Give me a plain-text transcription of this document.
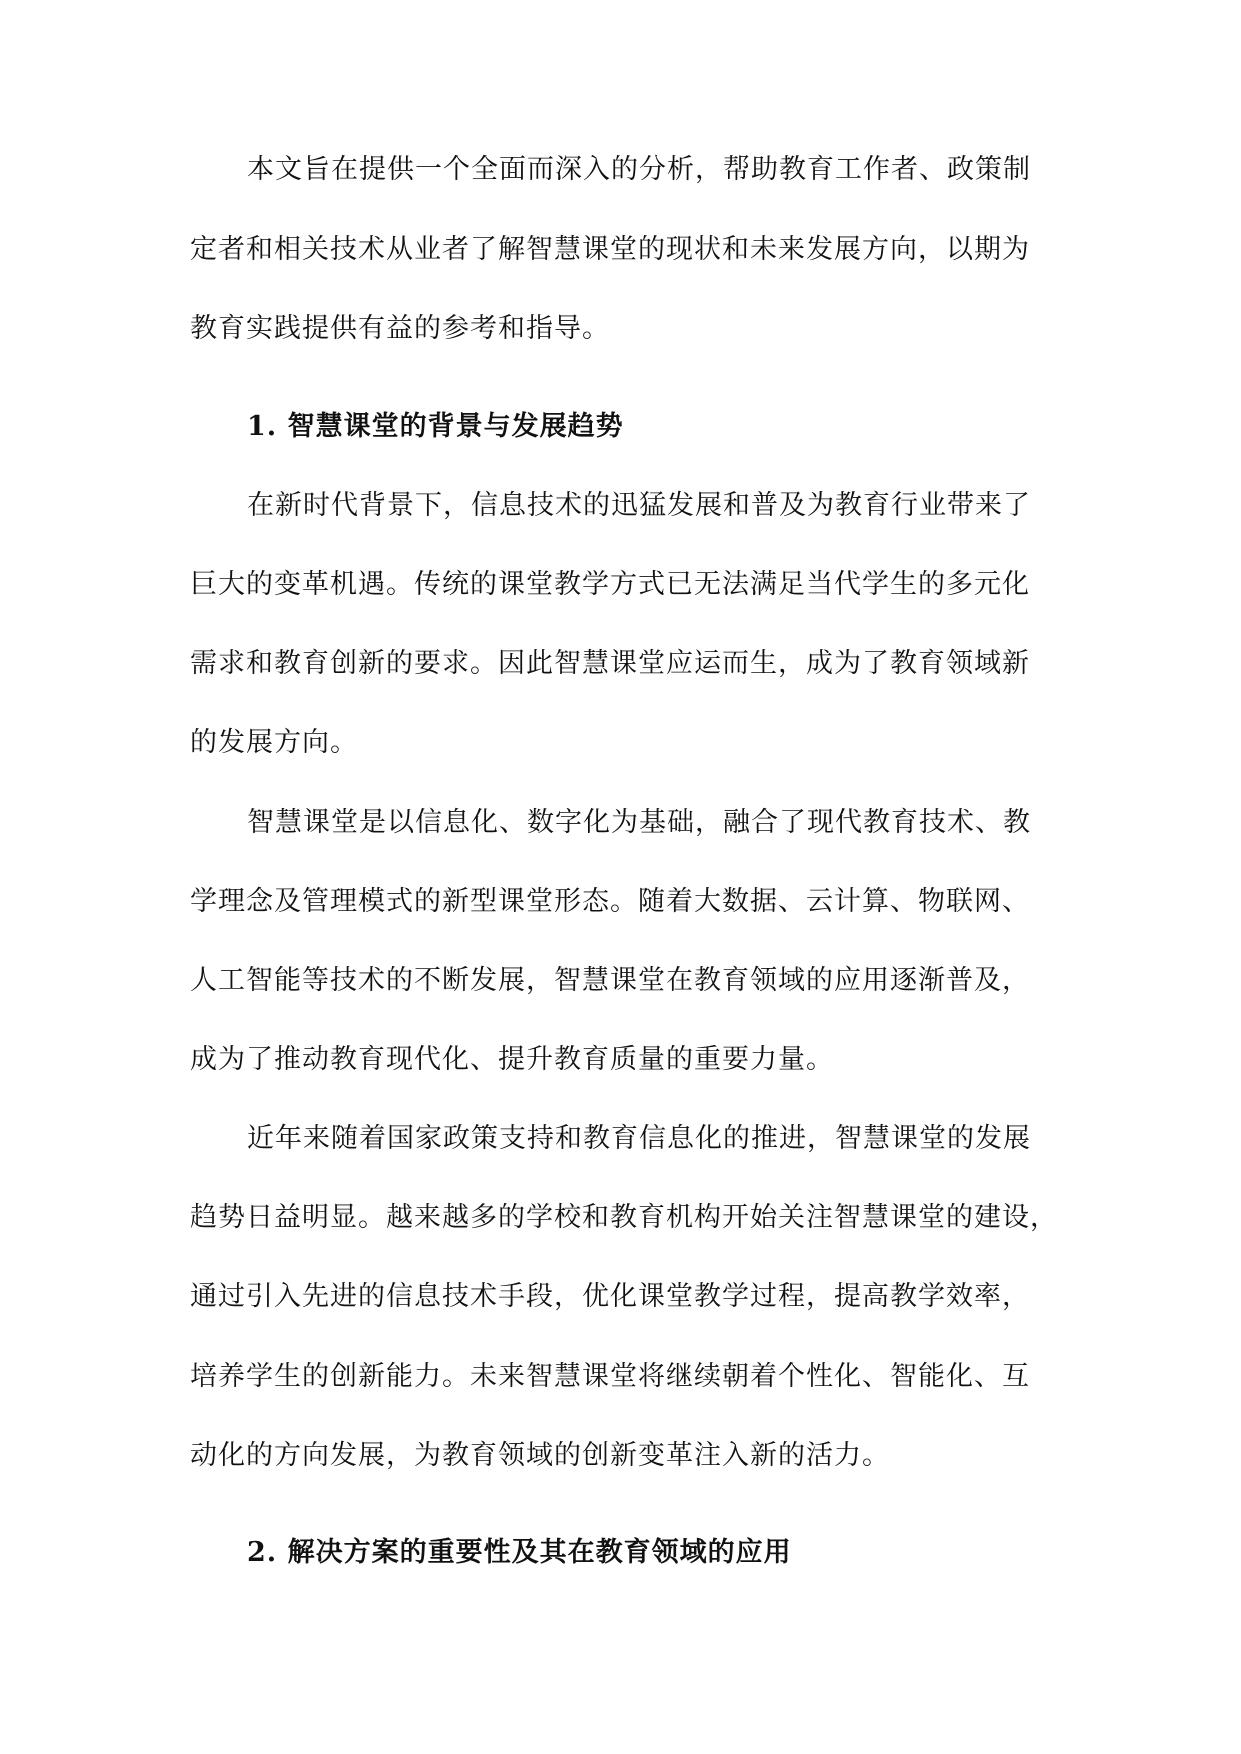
本文旨在提供一个全面而深入的分析，帮助教育工作者、政策制
定者和相关技术从业者了解智慧课堂的现状和未来发展方向，以期为
教育实践提供有益的参考和指导。
1. 智慧课堂的背景与发展趋势
在新时代背景下，信息技术的迅猛发展和普及为教育行业带来了
巨大的变革机遇。传统的课堂教学方式已无法满足当代学生的多元化
需求和教育创新的要求。因此智慧课堂应运而生，成为了教育领域新
的发展方向。
智慧课堂是以信息化、数字化为基础，融合了现代教育技术、教
学理念及管理模式的新型课堂形态。随着大数据、云计算、物联网、
人工智能等技术的不断发展，智慧课堂在教育领域的应用逐渐普及，
成为了推动教育现代化、提升教育质量的重要力量。
近年来随着国家政策支持和教育信息化的推进，智慧课堂的发展
趋势日益明显。越来越多的学校和教育机构开始关注智慧课堂的建设，
通过引入先进的信息技术手段，优化课堂教学过程，提高教学效率，
培养学生的创新能力。未来智慧课堂将继续朝着个性化、智能化、互
动化的方向发展，为教育领域的创新变革注入新的活力。
2. 解决方案的重要性及其在教育领域的应用
